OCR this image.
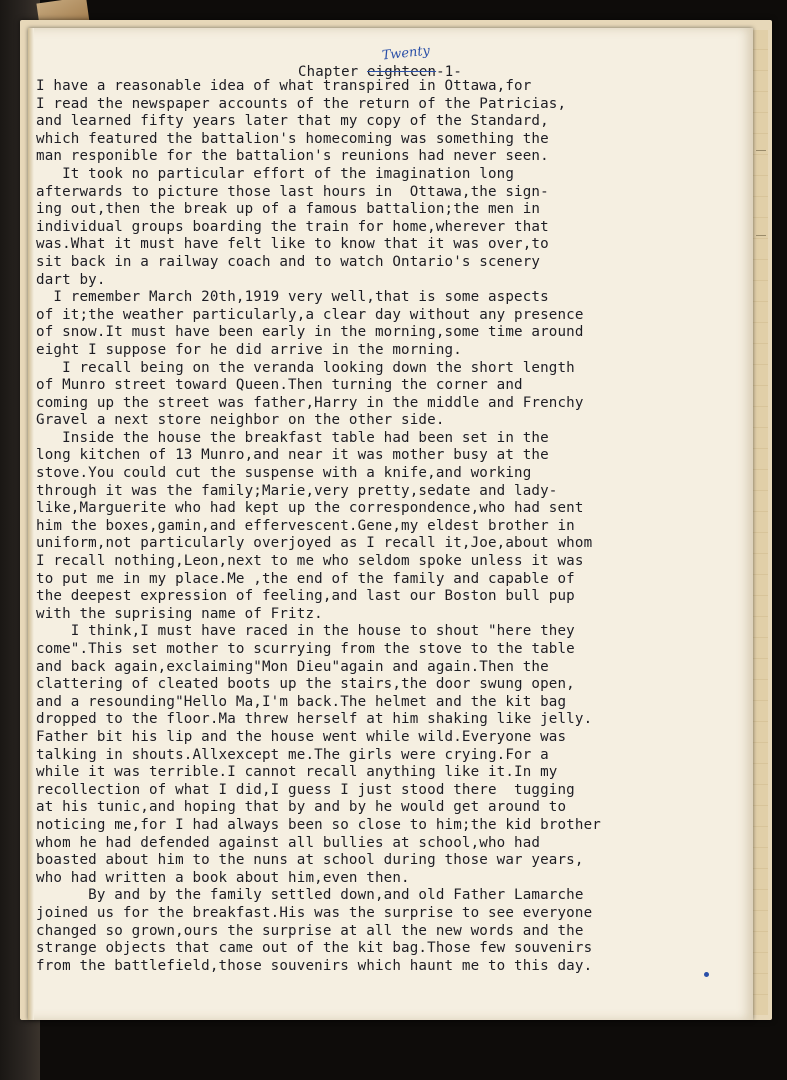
Twenty
Chapter eighteen-1-
I have a reasonable idea of what transpired in Ottawa,for
I read the newspaper accounts of the return of the Patricias,
and learned fifty years later that my copy of the Standard,
which featured the battalion's homecoming was something the
man responible for the battalion's reunions had never seen.
It took no particular effort of the imagination long
afterwards to picture those last hours in  Ottawa,the sign-
ing out,then the break up of a famous battalion;the men in
individual groups boarding the train for home,wherever that
was.What it must have felt like to know that it was over,to
sit back in a railway coach and to watch Ontario's scenery
dart by.
I remember March 20th,1919 very well,that is some aspects
of it;the weather particularly,a clear day without any presence
of snow.It must have been early in the morning,some time around
eight I suppose for he did arrive in the morning.
I recall being on the veranda looking down the short length
of Munro street toward Queen.Then turning the corner and
coming up the street was father,Harry in the middle and Frenchy
Gravel a next store neighbor on the other side.
Inside the house the breakfast table had been set in the
long kitchen of 13 Munro,and near it was mother busy at the
stove.You could cut the suspense with a knife,and working
through it was the family;Marie,very pretty,sedate and lady-
like,Marguerite who had kept up the correspondence,who had sent
him the boxes,gamin,and effervescent.Gene,my eldest brother in
uniform,not particularly overjoyed as I recall it,Joe,about whom
I recall nothing,Leon,next to me who seldom spoke unless it was
to put me in my place.Me ,the end of the family and capable of
the deepest expression of feeling,and last our Boston bull pup
with the suprising name of Fritz.
I think,I must have raced in the house to shout "here they
come".This set mother to scurrying from the stove to the table
and back again,exclaiming"Mon Dieu"again and again.Then the
clattering of cleated boots up the stairs,the door swung open,
and a resounding"Hello Ma,I'm back.The helmet and the kit bag
dropped to the floor.Ma threw herself at him shaking like jelly.
Father bit his lip and the house went while wild.Everyone was
talking in shouts.Allxexcept me.The girls were crying.For a
while it was terrible.I cannot recall anything like it.In my
recollection of what I did,I guess I just stood there  tugging
at his tunic,and hoping that by and by he would get around to
noticing me,for I had always been so close to him;the kid brother
whom he had defended against all bullies at school,who had
boasted about him to the nuns at school during those war years,
who had written a book about him,even then.
By and by the family settled down,and old Father Lamarche
joined us for the breakfast.His was the surprise to see everyone
changed so grown,ours the surprise at all the new words and the
strange objects that came out of the kit bag.Those few souvenirs
from the battlefield,those souvenirs which haunt me to this day.
